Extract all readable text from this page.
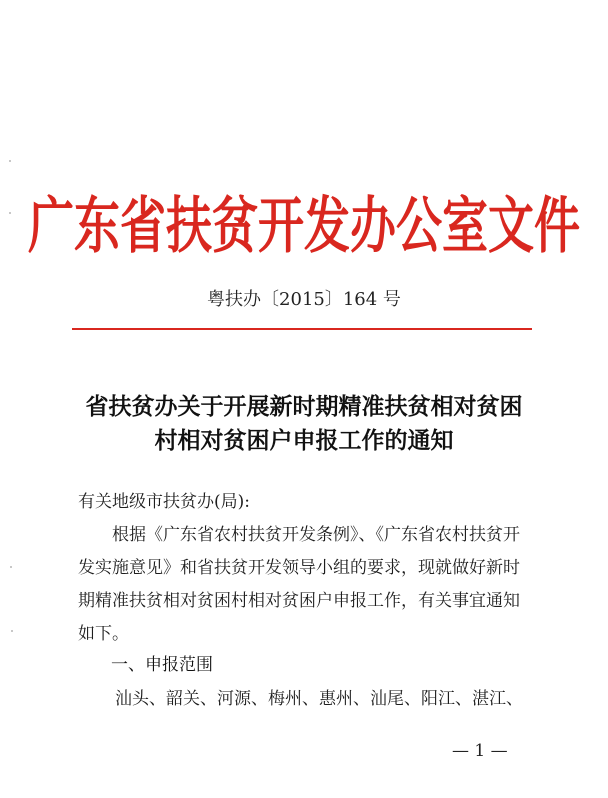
广东省扶贫开发办公室文件
粤扶办〔2015〕164 号
省扶贫办关于开展新时期精准扶贫相对贫困
村相对贫困户申报工作的通知
有关地级市扶贫办(局):
　　根据《广东省农村扶贫开发条例》、《广东省农村扶贫开
发实施意见》和省扶贫开发领导小组的要求，现就做好新时
期精准扶贫相对贫困村相对贫困户申报工作，有关事宜通知
如下。
一、申报范围
汕头、韶关、河源、梅州、惠州、汕尾、阳江、湛江、
— 1 —
